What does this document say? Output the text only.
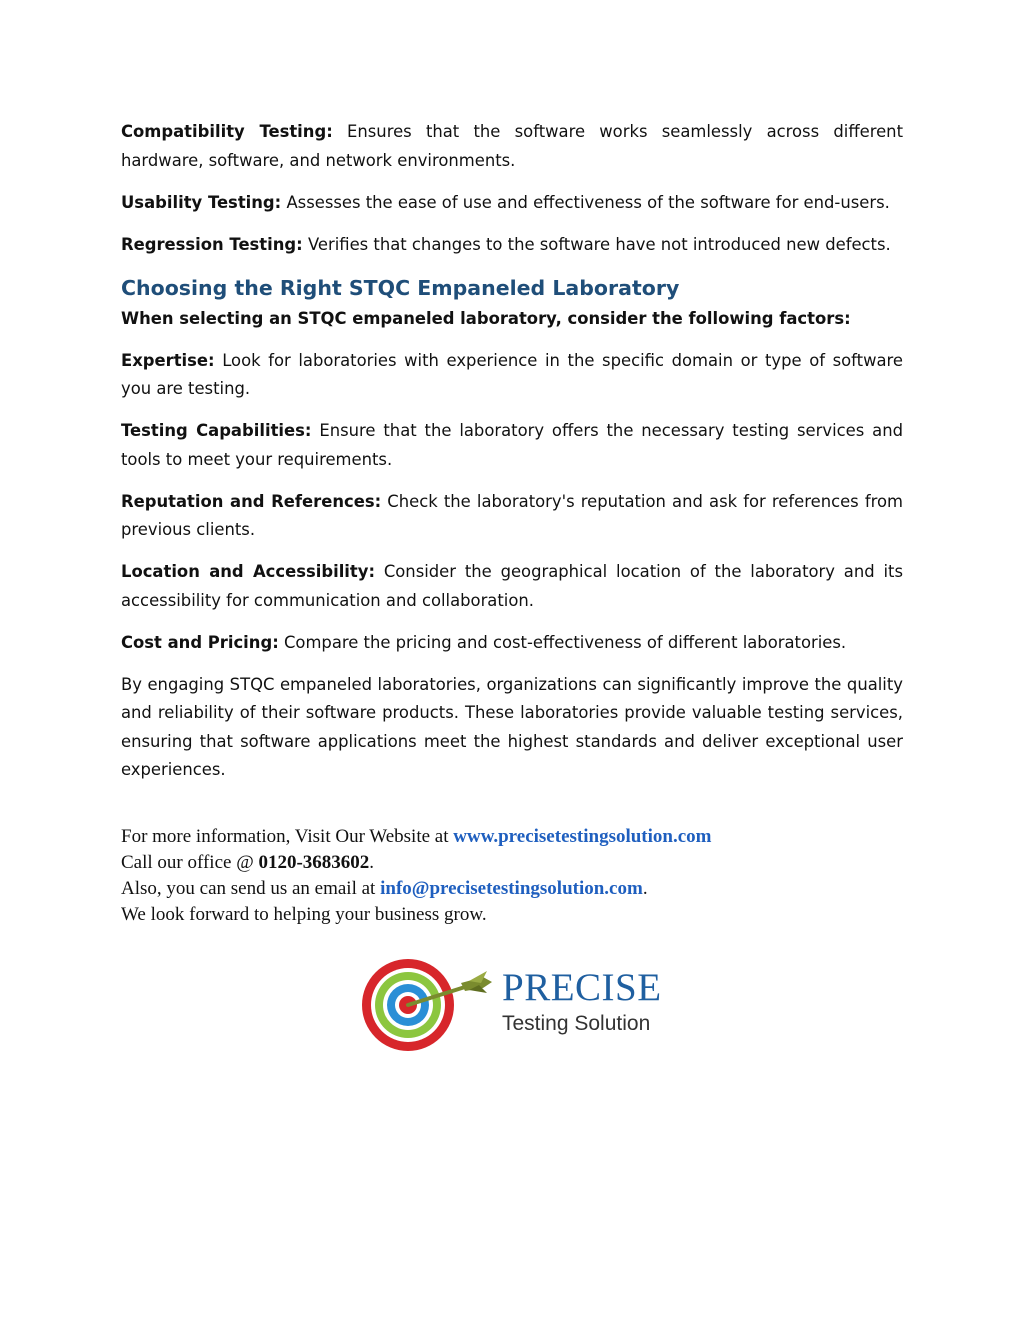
Compatibility Testing: Ensures that the software works seamlessly across different hardware, software, and network environments.

Usability Testing: Assesses the ease of use and effectiveness of the software for end-users.

Regression Testing: Verifies that changes to the software have not introduced new defects.

Choosing the Right STQC Empaneled Laboratory

When selecting an STQC empaneled laboratory, consider the following factors:

Expertise: Look for laboratories with experience in the specific domain or type of software you are testing.

Testing Capabilities: Ensure that the laboratory offers the necessary testing services and tools to meet your requirements.

Reputation and References: Check the laboratory's reputation and ask for references from previous clients.

Location and Accessibility: Consider the geographical location of the laboratory and its accessibility for communication and collaboration.

Cost and Pricing: Compare the pricing and cost-effectiveness of different laboratories.

By engaging STQC empaneled laboratories, organizations can significantly improve the quality and reliability of their software products. These laboratories provide valuable testing services, ensuring that software applications meet the highest standards and deliver exceptional user experiences.

For more information, Visit Our Website at www.precisetestingsolution.com
Call our office @ 0120-3683602.
Also, you can send us an email at info@precisetestingsolution.com.
We look forward to helping your business grow.
PRECISE
Testing Solution
